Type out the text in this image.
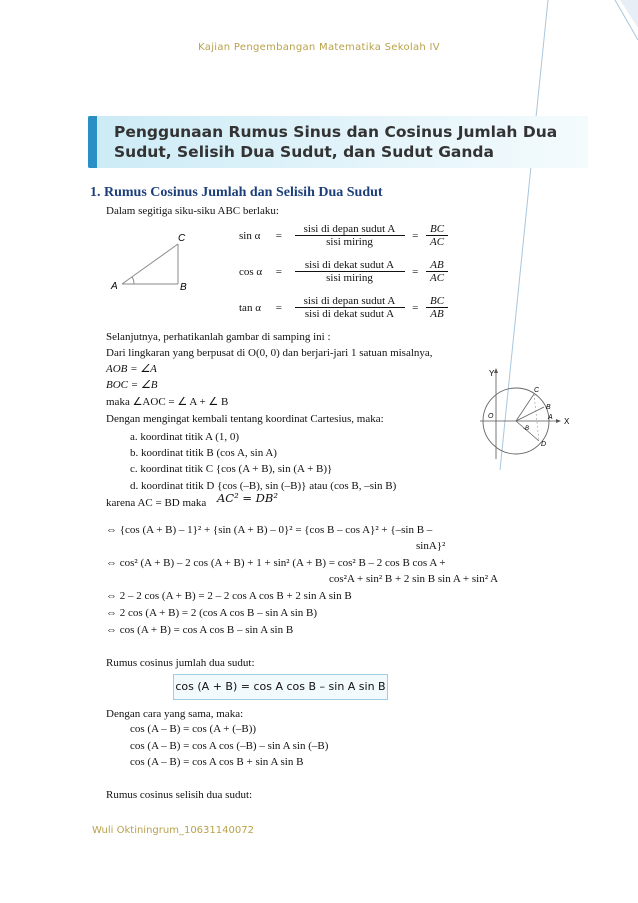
Kajian Pengembangan Matematika Sekolah IV
Penggunaan Rumus Sinus dan Cosinus Jumlah Dua Sudut, Selisih Dua Sudut, dan Sudut Ganda
1. Rumus Cosinus Jumlah dan Selisih Dua Sudut
Dalam segitiga siku-siku ABC berlaku:
A	B
C	$\sin \alpha = \frac{\text{sisi di depan sudut A}}{\text{sisi miring}} = \frac{BC}{AC}$
$\cos \alpha = \frac{\text{sisi di dekat sudut A}}{\text{sisi miring}} = \frac{AB}{AC}$
$\tan \alpha = \frac{\text{sisi di depan sudut A}}{\text{sisi di dekat sudut A}} = \frac{BC}{AB}$
Selanjutnya, perhatikanlah gambar di samping ini :
Dari lingkaran yang berpusat di O(0, 0) dan berjari-jari 1 satuan misalnya,
AOB = ∠A
BOC = ∠B
maka ∠AOC = ∠ A + ∠ B
Dengan mengingat kembali tentang koordinat Cartesius, maka:
Y
X
O	A
B
C
D
-B
a. koordinat titik A (1, 0)
b. koordinat titik B (cos A, sin A)
c. koordinat titik C {cos (A + B), sin (A + B)}
d. koordinat titik D {cos (–B), sin (–B)} atau (cos B, –sin B)
karena AC = BD maka AC² = DB²
⇔ {cos (A + B) – 1}² + {sin (A + B) – 0}² = {cos B – cos A}² + {–sin B –
sinA}²
⇔ cos² (A + B) – 2 cos (A + B) + 1 + sin² (A + B) = cos² B – 2 cos B cos A +
cos²A + sin² B + 2 sin B sin A + sin² A
⇔ 2 – 2 cos (A + B) = 2 – 2 cos A cos B + 2 sin A sin B
⇔ 2 cos (A + B) = 2 (cos A cos B – sin A sin B)
⇔ cos (A + B) = cos A cos B – sin A sin B
Rumus cosinus jumlah dua sudut:
cos (A + B) = cos A cos B – sin A sin B
Dengan cara yang sama, maka:
cos (A – B) = cos (A + (–B))
cos (A – B) = cos A cos (–B) – sin A sin (–B)
cos (A – B) = cos A cos B + sin A sin B
Rumus cosinus selisih dua sudut:
Wuli Oktiningrum_10631140072
